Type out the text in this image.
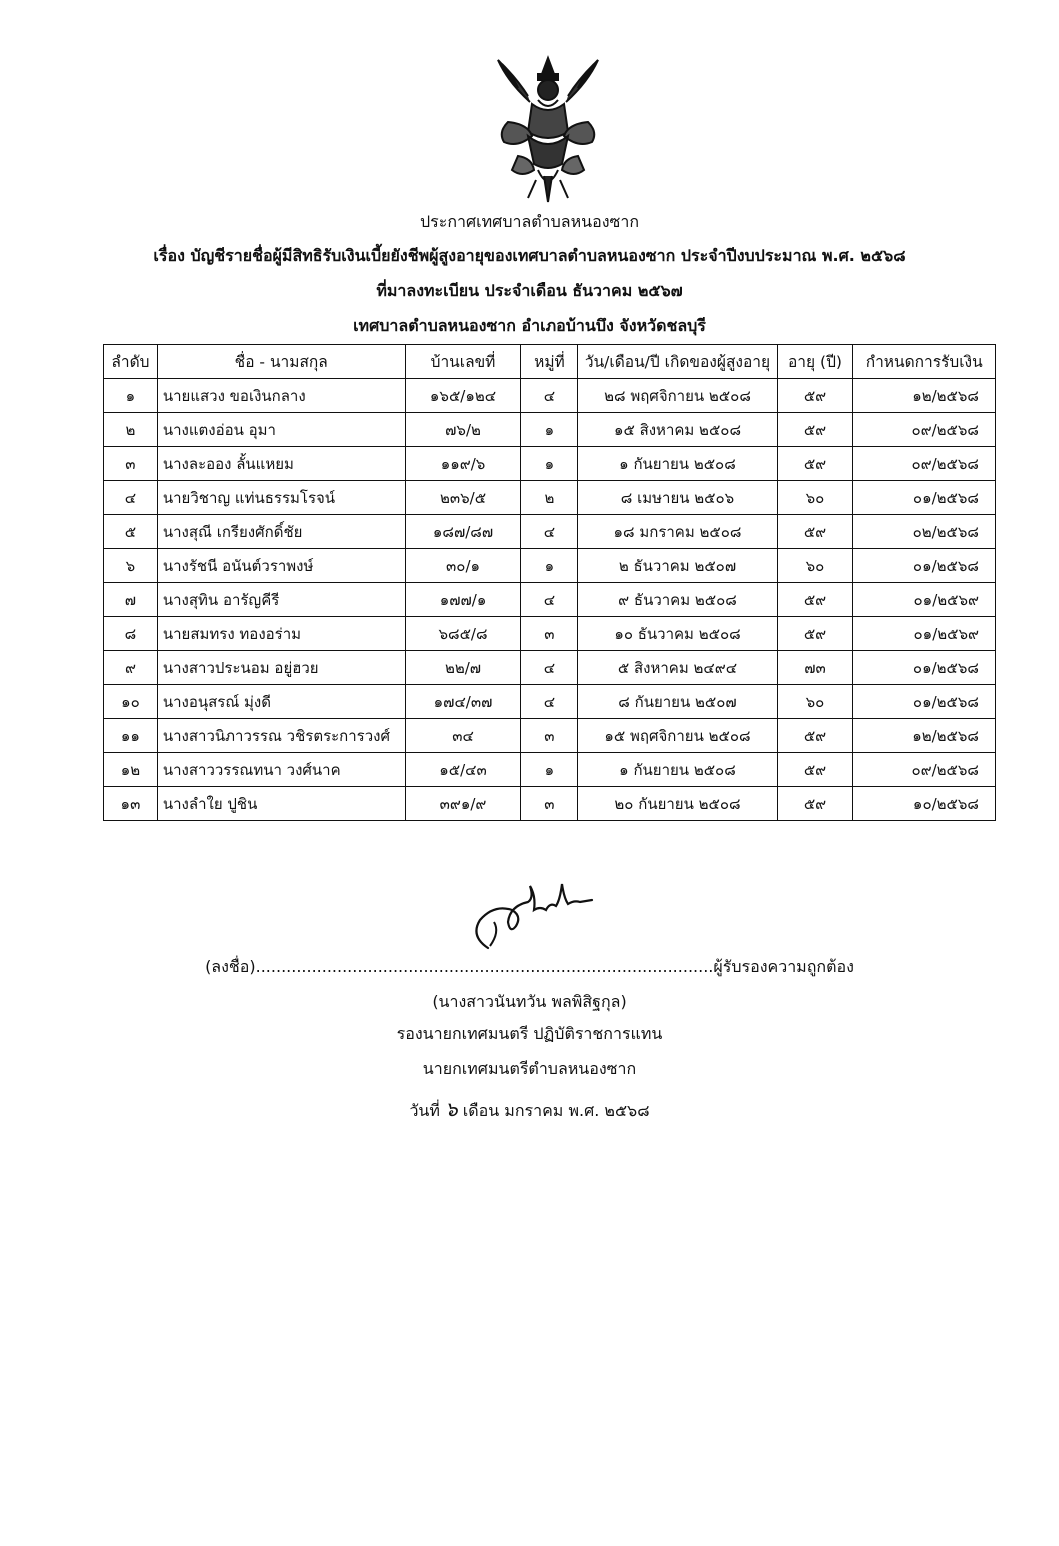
ประกาศเทศบาลตำบลหนองซาก
เรื่อง บัญชีรายชื่อผู้มีสิทธิรับเงินเบี้ยยังชีพผู้สูงอายุของเทศบาลตำบลหนองซาก ประจำปีงบประมาณ พ.ศ. ๒๕๖๘
ที่มาลงทะเบียน ประจำเดือน ธันวาคม ๒๕๖๗
เทศบาลตำบลหนองซาก อำเภอบ้านบึง จังหวัดชลบุรี
ลำดับ	ชื่อ - นามสกุล	บ้านเลขที่	หมู่ที่	วัน/เดือน/ปี เกิดของผู้สูงอายุ	อายุ (ปี)	กำหนดการรับเงิน
๑	นายแสวง ขอเงินกลาง	๑๖๕/๑๒๔	๔	๒๘ พฤศจิกายน ๒๕๐๘	๕๙	๑๒/๒๕๖๘
๒	นางแตงอ่อน อุมา	๗๖/๒	๑	๑๕ สิงหาคม ๒๕๐๘	๕๙	๐๙/๒๕๖๘
๓	นางละออง ลั้นแหยม	๑๑๙/๖	๑	๑ กันยายน ๒๕๐๘	๕๙	๐๙/๒๕๖๘
๔	นายวิชาญ แท่นธรรมโรจน์	๒๓๖/๕	๒	๘ เมษายน ๒๕๐๖	๖๐	๐๑/๒๕๖๘
๕	นางสุณี เกรียงศักดิ์ชัย	๑๘๗/๘๗	๔	๑๘ มกราคม ๒๕๐๘	๕๙	๐๒/๒๕๖๘
๖	นางรัชนี อนันต์วราพงษ์	๓๐/๑	๑	๒ ธันวาคม ๒๕๐๗	๖๐	๐๑/๒๕๖๘
๗	นางสุทิน อารัญคีรี	๑๗๗/๑	๔	๙ ธันวาคม ๒๕๐๘	๕๙	๐๑/๒๕๖๙
๘	นายสมทรง ทองอร่าม	๖๘๕/๘	๓	๑๐ ธันวาคม ๒๕๐๘	๕๙	๐๑/๒๕๖๙
๙	นางสาวประนอม อยู่ฮวย	๒๒/๗	๔	๕ สิงหาคม ๒๔๙๔	๗๓	๐๑/๒๕๖๘
๑๐	นางอนุสรณ์ มุ่งดี	๑๗๔/๓๗	๔	๘ กันยายน ๒๕๐๗	๖๐	๐๑/๒๕๖๘
๑๑	นางสาวนิภาวรรณ วชิรตระการวงศ์	๓๔	๓	๑๕ พฤศจิกายน ๒๕๐๘	๕๙	๑๒/๒๕๖๘
๑๒	นางสาววรรณทนา วงศ์นาค	๑๕/๔๓	๑	๑ กันยายน ๒๕๐๘	๕๙	๐๙/๒๕๖๘
๑๓	นางลำใย ปูชิน	๓๙๑/๙	๓	๒๐ กันยายน ๒๕๐๘	๕๙	๑๐/๒๕๖๘
(ลงชื่อ)..........................................................................................ผู้รับรองความถูกต้อง
(นางสาวนันทวัน พลพิสิฐกุล)
รองนายกเทศมนตรี ปฏิบัติราชการแทน
นายกเทศมนตรีตำบลหนองซาก
วันที่ ๖ เดือน มกราคม พ.ศ. ๒๕๖๘
